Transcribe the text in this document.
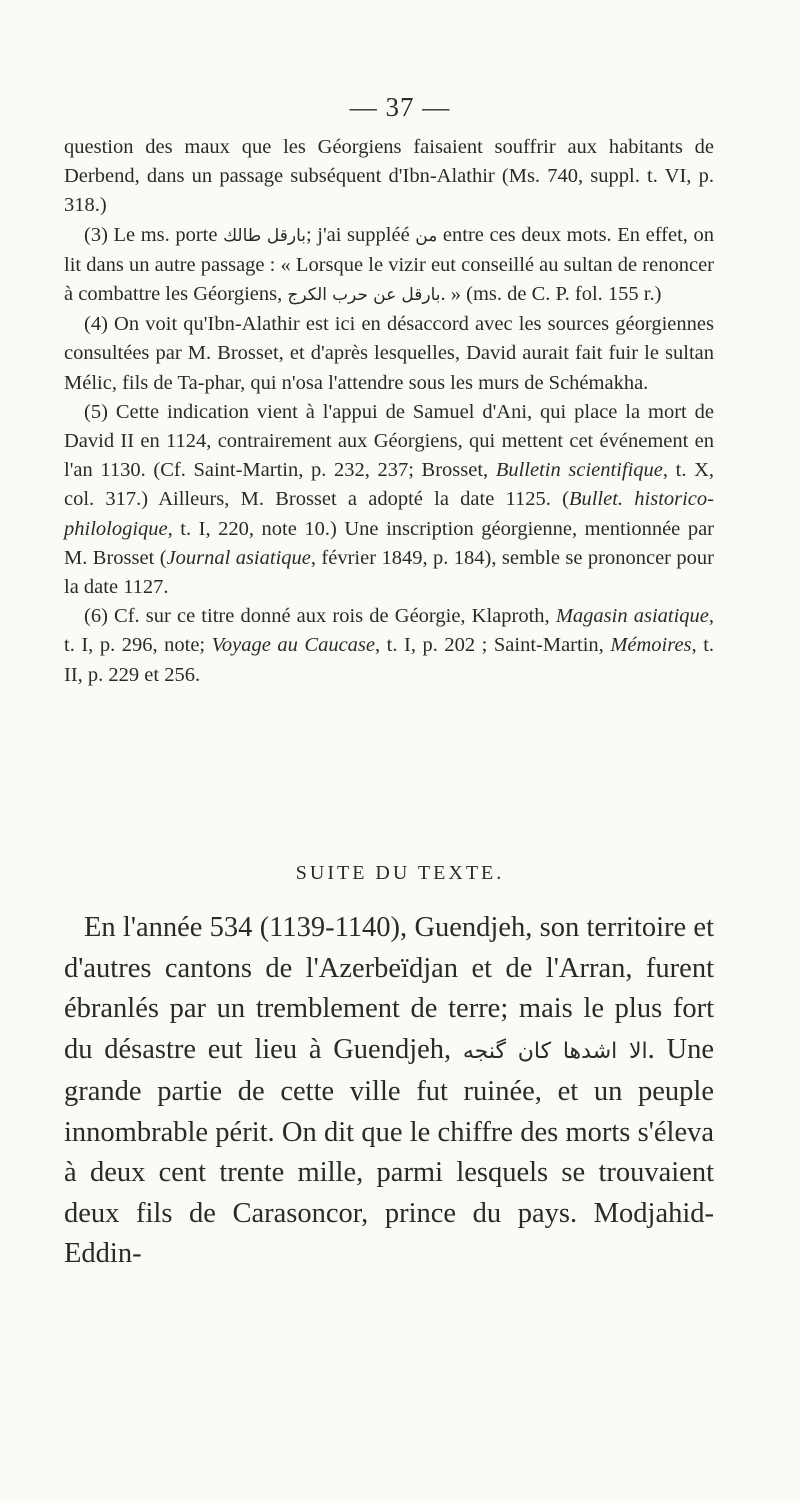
— 37 —

question des maux que les Géorgiens faisaient souffrir aux habitants de Derbend, dans un passage subséquent d'Ibn-Alathir (Ms. 740, suppl. t. VI, p. 318.)

(3) Le ms. porte طالك بارقل; j'ai suppléé من entre ces deux mots. En effet, on lit dans un autre passage : « Lorsque le vizir eut conseillé au sultan de renoncer à combattre les Géorgiens, الكرج حرب عن بارقل. » (ms. de C. P. fol. 155 r.)

(4) On voit qu'Ibn-Alathir est ici en désaccord avec les sources géorgiennes consultées par M. Brosset, et d'après lesquelles, David aurait fait fuir le sultan Mélic, fils de Ta-phar, qui n'osa l'attendre sous les murs de Schémakha.

(5) Cette indication vient à l'appui de Samuel d'Ani, qui place la mort de David II en 1124, contrairement aux Géorgiens, qui mettent cet événement en l'an 1130. (Cf. Saint-Martin, p. 232, 237; Brosset, Bulletin scientifique, t. X, col. 317.) Ailleurs, M. Brosset a adopté la date 1125. (Bullet. historico-philologique, t. I, 220, note 10.) Une inscription géorgienne, mentionnée par M. Brosset (Journal asiatique, février 1849, p. 184), semble se prononcer pour la date 1127.

(6) Cf. sur ce titre donné aux rois de Géorgie, Klaproth, Magasin asiatique, t. I, p. 296, note; Voyage au Caucase, t. I, p. 202 ; Saint-Martin, Mémoires, t. II, p. 229 et 256.

SUITE DU TEXTE.

En l'année 534 (1139-1140), Guendjeh, son territoire et d'autres cantons de l'Azerbeïdjan et de l'Arran, furent ébranlés par un tremblement de terre; mais le plus fort du désastre eut lieu à Guendjeh, گنجه كان اشدها الا. Une grande partie de cette ville fut ruinée, et un peuple innombrable périt. On dit que le chiffre des morts s'éleva à deux cent trente mille, parmi lesquels se trouvaient deux fils de Carasoncor, prince du pays. Modjahid-Eddin-
